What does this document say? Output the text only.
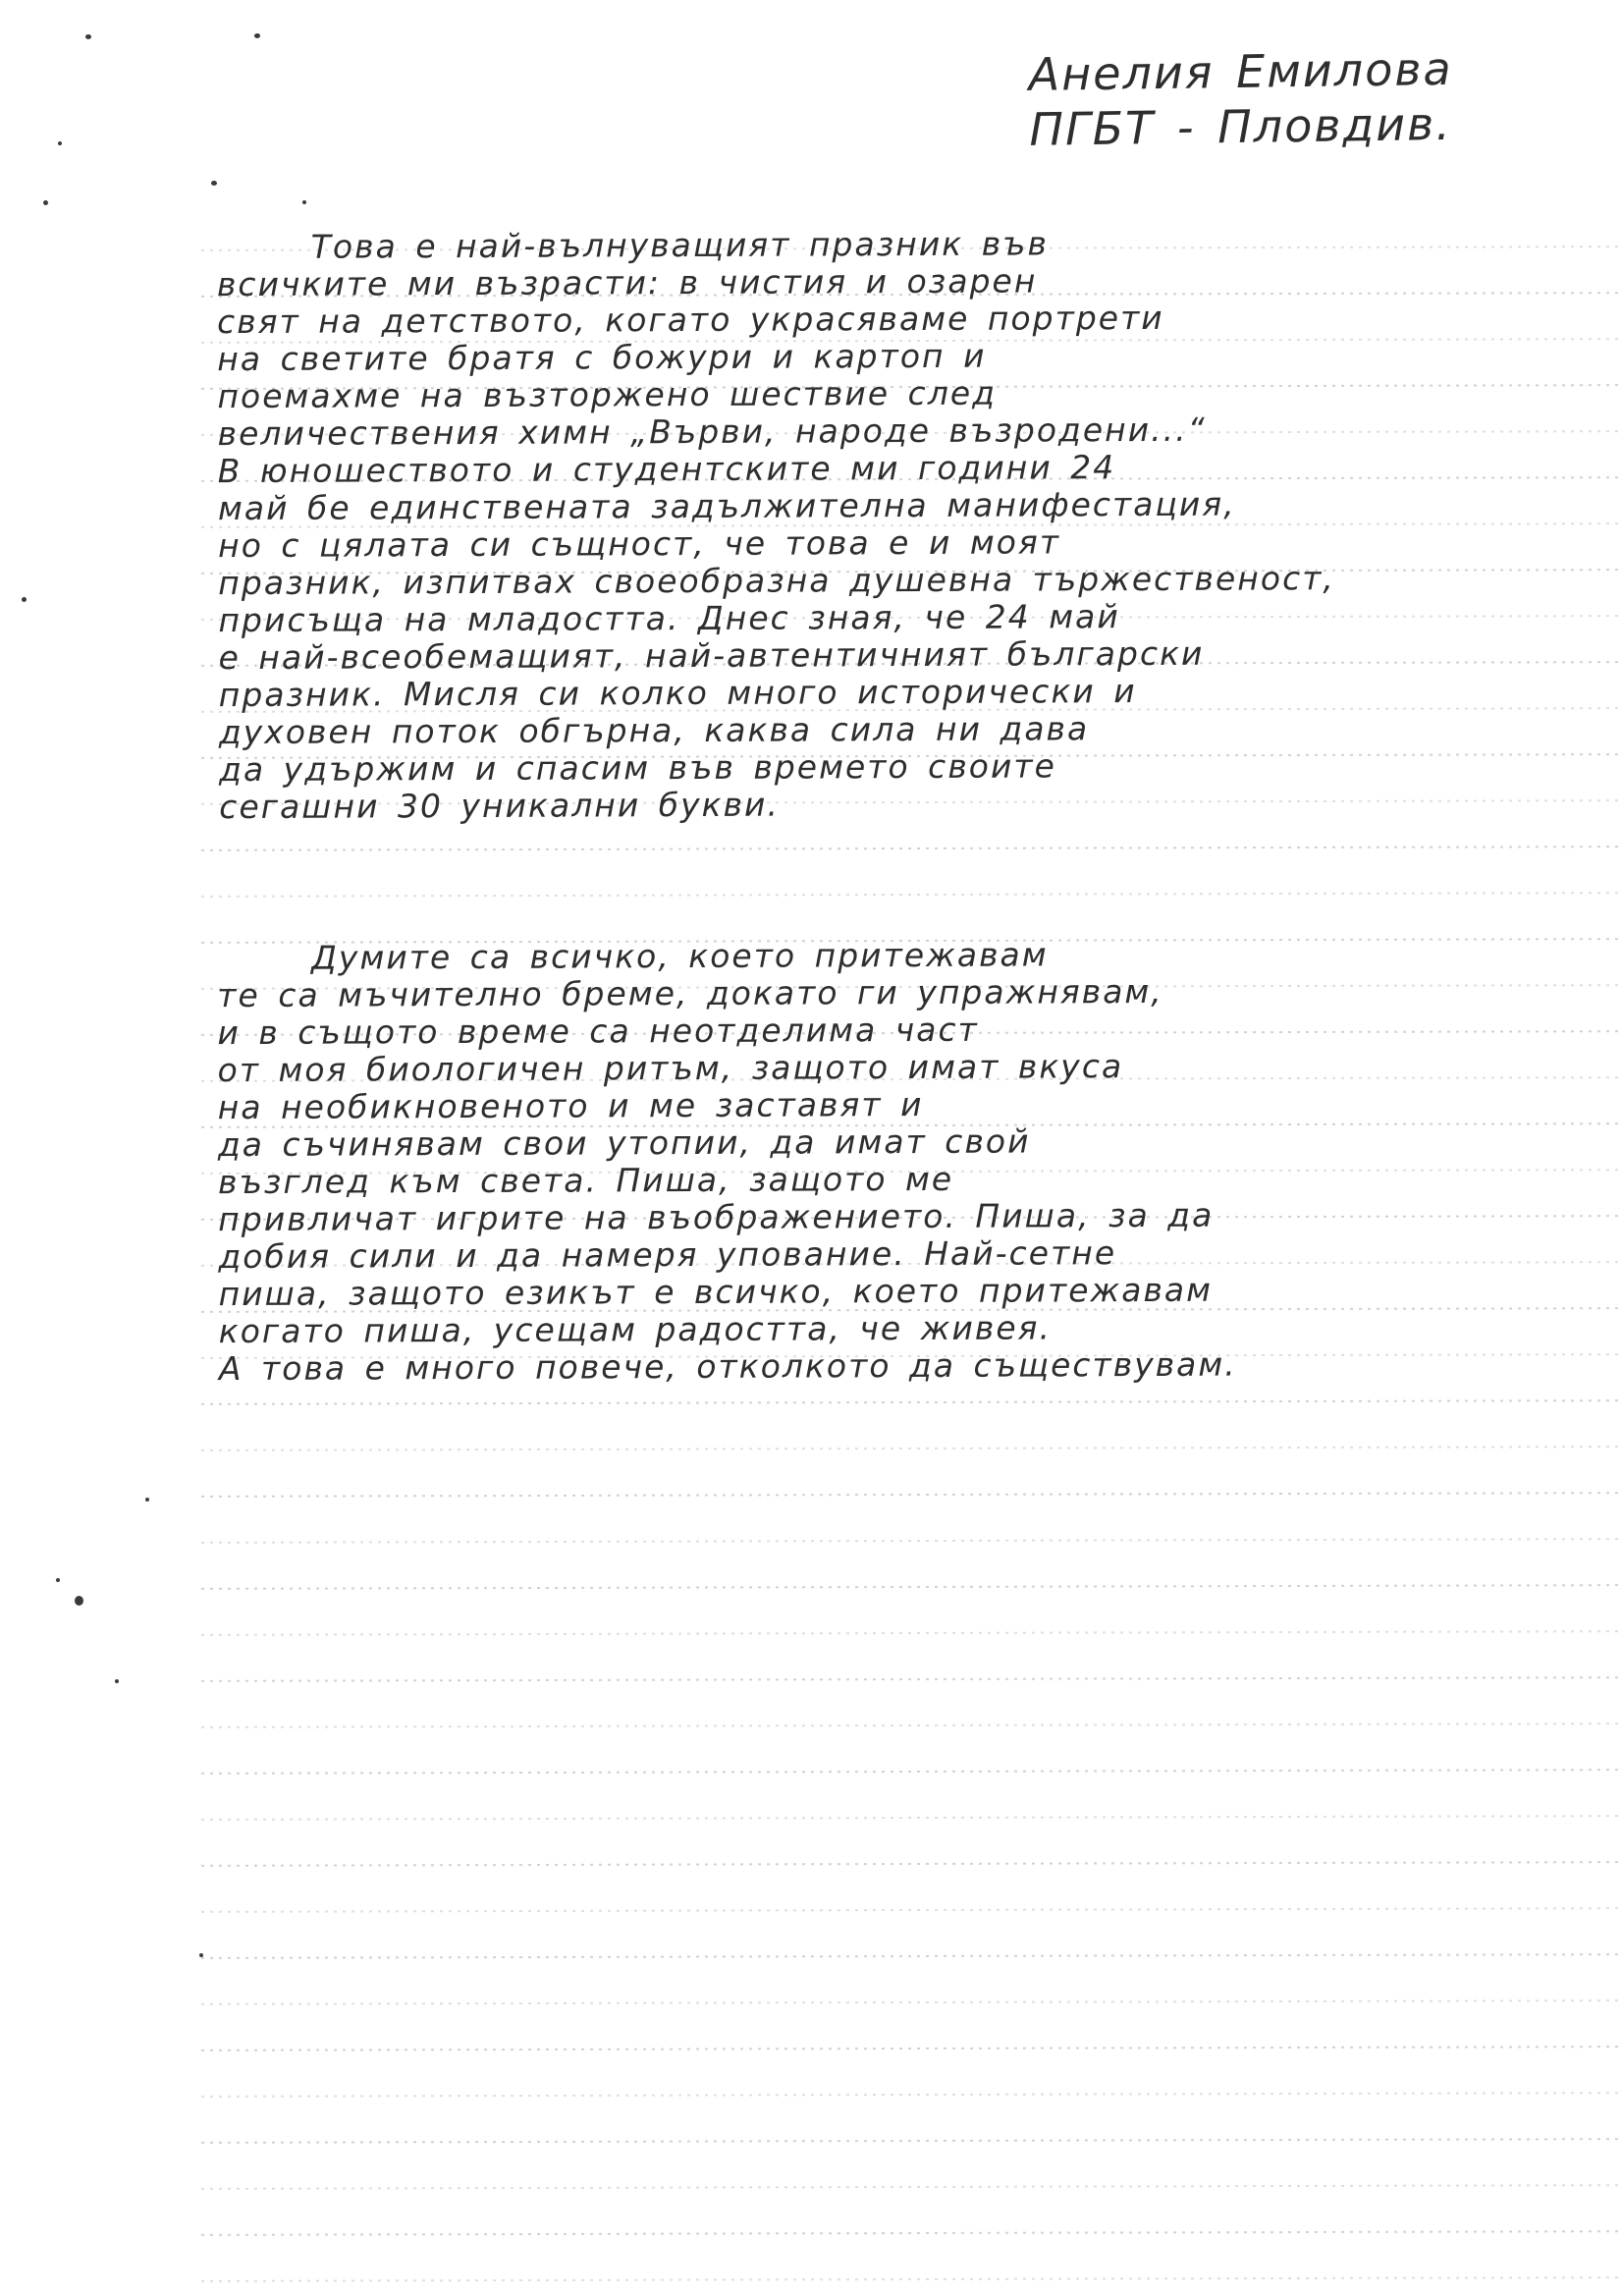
Анелия Емилова
ПГБТ - Пловдив.
Това е най-вълнуващият празник във
всичките ми възрасти: в чистия и озарен
свят на детството, когато украсяваме портрети
на светите братя с божури и картоп и
поемахме на възторжено шествие след
величествения химн „Върви, народе възродени...“
В юношеството и студентските ми години 24
май бе единствената задължителна манифестация,
но с цялата си същност, че това е и моят
празник, изпитвах своеобразна душевна тържественост,
присъща на младостта. Днес зная, че 24 май
е най-всеобемащият, най-автентичният български
празник. Мисля си колко много исторически и
духовен поток обгърна, каква сила ни дава
да удържим и спасим във времето своите
сегашни 30 уникални букви.
Думите са всичко, което притежавам
те са мъчително бреме, докато ги упражнявам,
и в същото време са неотделима част
от моя биологичен ритъм, защото имат вкуса
на необикновеното и ме заставят и
да съчинявам свои утопии, да имат свой
възглед към света. Пиша, защото ме
привличат игрите на въображението. Пиша, за да
добия сили и да намеря упование. Най-сетне
пиша, защото езикът е всичко, което притежавам
когато пиша, усещам радостта, че живея.
А това е много повече, отколкото да съществувам.
